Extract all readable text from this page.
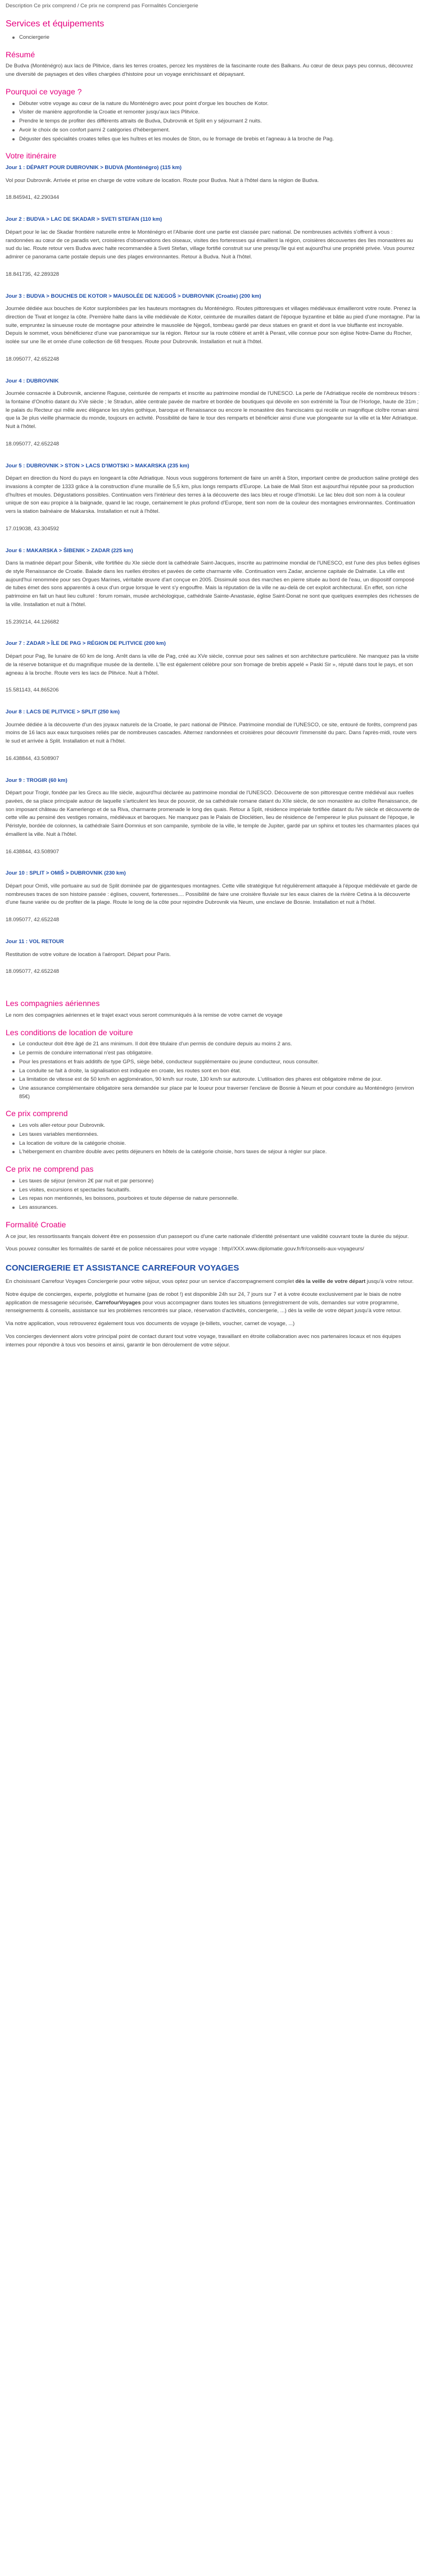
Description Ce prix comprend / Ce prix ne comprend pas Formalités Conciergerie
Services et équipements
Conciergerie
Résumé

De Budva (Monténégro) aux lacs de Plitvice, dans les terres croates, percez les mystères de la fascinante route des Balkans. Au cœur de deux pays peu connus, découvrez une diversité de paysages et des villes chargées d'histoire pour un voyage enrichissant et dépaysant.

Pourquoi ce voyage ?
Débuter votre voyage au cœur de la nature du Monténégro avec pour point d'orgue les bouches de Kotor.
Visiter de manière approfondie la Croatie et remonter jusqu'aux lacs Plitvice.
Prendre le temps de profiter des différents attraits de Budva, Dubrovnik et Split en y séjournant 2 nuits.
Avoir le choix de son confort parmi 2 catégories d'hébergement.
Déguster des spécialités croates telles que les huîtres et les moules de Ston, ou le fromage de brebis et l'agneau à la broche de Pag.
Votre itinéraire
Jour 1 : DÉPART POUR DUBROVNIK > BUDVA (Monténégro) (115 km)

Vol pour Dubrovnik. Arrivée et prise en charge de votre voiture de location. Route pour Budva. Nuit à l'hôtel dans la région de Budva.

18.845941, 42.290344

Jour 2 : BUDVA > LAC DE SKADAR > SVETI STEFAN (110 km)

Départ pour le lac de Skadar frontière naturelle entre le Monténégro et l'Albanie dont une partie est classée parc national. De nombreuses activités s'offrent à vous : randonnées au cœur de ce paradis vert, croisières d'observations des oiseaux, visites des forteresses qui émaillent la région, croisières découvertes des îles monastères au sud du lac. Route retour vers Budva avec halte recommandée à Sveti Stefan, village fortifié construit sur une presqu'île qui est aujourd'hui une propriété privée. Vous pourrez admirer ce panorama carte postale depuis une des plages environnantes. Retour à Budva. Nuit à l'hôtel.

18.841735, 42.289328

Jour 3 : BUDVA > BOUCHES DE KOTOR > MAUSOLÉE DE NJEGOŠ > DUBROVNIK (Croatie) (200 km)

Journée dédiée aux bouches de Kotor surplombées par les hauteurs montagnes du Monténégro. Routes pittoresques et villages médiévaux émailleront votre route. Prenez la direction de Tivat et longez la côte. Première halte dans la ville médiévale de Kotor, ceinturée de murailles datant de l'époque byzantine et bâtie au pied d'une montagne. Par la suite, empruntez la sinueuse route de montagne pour atteindre le mausolée de Njegoš, tombeau gardé par deux statues en granit et dont la vue bluffante est incroyable. Depuis le sommet, vous bénéficierez d'une vue panoramique sur la région. Retour sur la route côtière et arrêt à Perast, ville connue pour son église Notre-Dame du Rocher, isolée sur une île et ornée d'une collection de 68 fresques. Route pour Dubrovnik. Installation et nuit à l'hôtel.

18.095077, 42.652248

Jour 4 : DUBROVNIK

Journée consacrée à Dubrovnik, ancienne Raguse, ceinturée de remparts et inscrite au patrimoine mondial de l'UNESCO. La perle de l'Adriatique recèle de nombreux trésors : la fontaine d'Onofrio datant du XVe siècle ; le Stradun, allée centrale pavée de marbre et bordée de boutiques qui dévoile en son extrémité la Tour de l'Horloge, haute de 31m ; le palais du Recteur qui mêle avec élégance les styles gothique, baroque et Renaissance ou encore le monastère des franciscains qui recèle un magnifique cloître roman ainsi que la 3e plus vieille pharmacie du monde, toujours en activité. Possibilité de faire le tour des remparts et bénéficier ainsi d'une vue plongeante sur la ville et la Mer Adriatique. Nuit à l'hôtel.

18.095077, 42.652248

Jour 5 : DUBROVNIK > STON > LACS D'IMOTSKI > MAKARSKA (235 km)

Départ en direction du Nord du pays en longeant la côte Adriatique. Nous vous suggérons fortement de faire un arrêt à Ston, important centre de production saline protégé des invasions à compter de 1333 grâce à la construction d'une muraille de 5,5 km, plus longs remparts d'Europe. La baie de Mali Ston est aujourd'hui réputée pour sa production d'huîtres et moules. Dégustations possibles. Continuation vers l'intérieur des terres à la découverte des lacs bleu et rouge d'Imotski. Le lac bleu doit son nom à la couleur unique de son eau propice à la baignade, quand le lac rouge, certainement le plus profond d'Europe, tient son nom de la couleur des montagnes environnantes. Continuation vers la station balnéaire de Makarska. Installation et nuit à l'hôtel.

17.019038, 43.304592

Jour 6 : MAKARSKA > ŠIBENIK > ZADAR (225 km)

Dans la matinée départ pour Šibenik, ville fortifiée du XIe siècle dont la cathédrale Saint-Jacques, inscrite au patrimoine mondial de l'UNESCO, est l'une des plus belles églises de style Renaissance de Croatie. Balade dans les ruelles étroites et pavées de cette charmante ville. Continuation vers Zadar, ancienne capitale de Dalmatie. La ville est aujourd'hui renommée pour ses Orgues Marines, véritable œuvre d'art conçue en 2005. Dissimulé sous des marches en pierre située au bord de l'eau, un dispositif composé de tubes émet des sons apparentés à ceux d'un orgue lorsque le vent s'y engouffre. Mais la réputation de la ville ne au-delà de cet exploit architectural. En effet, son riche patrimoine en fait un haut lieu culturel : forum romain, musée archéologique, cathédrale Sainte-Anastasie, église Saint-Donat ne sont que quelques exemples des richesses de la ville. Installation et nuit à l'hôtel.

15.239214, 44.126682

Jour 7 : ZADAR > ÎLE DE PAG > RÉGION DE PLITVICE (200 km)

Départ pour Pag, île lunaire de 60 km de long. Arrêt dans la ville de Pag, créé au XVe siècle, connue pour ses salines et son architecture particulière. Ne manquez pas la visite de la réserve botanique et du magnifique musée de la dentelle. L'île est également célèbre pour son fromage de brebis appelé « Paski Sir », réputé dans tout le pays, et son agneau à la broche. Route vers les lacs de Plitvice. Nuit à l'hôtel.

15.581143, 44.865206

Jour 8 : LACS DE PLITVICE > SPLIT (250 km)

Journée dédiée à la découverte d'un des joyaux naturels de la Croatie, le parc national de Plitvice. Patrimoine mondial de l'UNESCO, ce site, entouré de forêts, comprend pas moins de 16 lacs aux eaux turquoises reliés par de nombreuses cascades. Alternez randonnées et croisières pour découvrir l'immensité du parc. Dans l'après-midi, route vers le sud et arrivée à Split. Installation et nuit à l'hôtel.

16.438844, 43.508907

Jour 9 : TROGIR (60 km)

Départ pour Trogir, fondée par les Grecs au IIIe siècle, aujourd'hui déclarée au patrimoine mondial de l'UNESCO. Découverte de son pittoresque centre médiéval aux ruelles pavées, de sa place principale autour de laquelle s'articulent les lieux de pouvoir, de sa cathédrale romane datant du XIIe siècle, de son monastère au cloître Renaissance, de son imposant château de Kamerlengo et de sa Riva, charmante promenade le long des quais. Retour à Split, résidence impériale fortifiée datant du IVe siècle et découverte de cette ville au pensiné des vestiges romains, médiévaux et baroques. Ne manquez pas le Palais de Dioclétien, lieu de résidence de l'empereur le plus puissant de l'époque, le Péristyle, bordée de colonnes, la cathédrale Saint-Domnius et son campanile, symbole de la ville, le temple de Jupiter, gardé par un sphinx et toutes les charmantes places qui émaillent la ville. Nuit à l'hôtel.

16.438844, 43.508907

Jour 10 : SPLIT > OMIŠ > DUBROVNIK (230 km)

Départ pour Omiš, ville portuaire au sud de Split dominée par de gigantesques montagnes. Cette ville stratégique fut régulièrement attaquée à l'époque médiévale et garde de nombreuses traces de son histoire passée : églises, couvent, forteresses.... Possibilité de faire une croisière fluviale sur les eaux claires de la rivière Cetina à la découverte d'une faune variée ou de profiter de la plage. Route le long de la côte pour rejoindre Dubrovnik via Neum, une enclave de Bosnie. Installation et nuit à l'hôtel.

18.095077, 42.652248

Jour 11 : VOL RETOUR

Restitution de votre voiture de location à l'aéroport. Départ pour Paris.

18.095077, 42.652248

Les compagnies aériennes

Le nom des compagnies aériennes et le trajet exact vous seront communiqués à la remise de votre carnet de voyage

Les conditions de location de voiture
Le conducteur doit être âgé de 21 ans minimum. Il doit être titulaire d'un permis de conduire depuis au moins 2 ans.
Le permis de conduire international n'est pas obligatoire.
Pour les prestations et frais additifs de type GPS, siège bébé, conducteur supplémentaire ou jeune conducteur, nous consulter.
La conduite se fait à droite, la signalisation est indiquée en croate, les routes sont en bon état.
La limitation de vitesse est de 50 km/h en agglomération, 90 km/h sur route, 130 km/h sur autoroute. L'utilisation des phares est obligatoire même de jour.
Une assurance complémentaire obligatoire sera demandée sur place par le loueur pour traverser l'enclave de Bosnie à Neum et pour conduire au Monténégro (environ 85€)
Ce prix comprend
Les vols aller-retour pour Dubrovnik.
Les taxes variables mentionnées.
La location de voiture de la catégorie choisie.
L'hébergement en chambre double avec petits déjeuners en hôtels de la catégorie choisie, hors taxes de séjour à régler sur place.
Ce prix ne comprend pas
Les taxes de séjour (environ 2€ par nuit et par personne)
Les visites, excursions et spectacles facultatifs.
Les repas non mentionnés, les boissons, pourboires et toute dépense de nature personnelle.
Les assurances.
Formalité Croatie

A ce jour, les ressortissants français doivent être en possession d'un passeport ou d'une carte nationale d'identité présentant une validité couvrant toute la durée du séjour.

Vous pouvez consulter les formalités de santé et de police nécessaires pour votre voyage : http//XXX.www.diplomatie.gouv.fr/fr/conseils-aux-voyageurs/

CONCIERGERIE ET ASSISTANCE CARREFOUR VOYAGES

En choisissant Carrefour Voyages Conciergerie pour votre séjour, vous optez pour un service d'accompagnement complet dès la veille de votre départ jusqu'à votre retour.

Notre équipe de concierges, experte, polyglotte et humaine (pas de robot !) est disponible 24h sur 24, 7 jours sur 7 et à votre écoute exclusivement par le biais de notre application de messagerie sécurisée, CarrefourVoyages pour vous accompagner dans toutes les situations (enregistrement de vols, demandes sur votre programme, renseignements & conseils, assistance sur les problèmes rencontrés sur place, réservation d'activités, conciergerie, ...) dès la veille de votre départ jusqu'à votre retour.

Via notre application, vous retrouverez également tous vos documents de voyage (e-billets, voucher, carnet de voyage, ...)

Vos concierges deviennent alors votre principal point de contact durant tout votre voyage, travaillant en étroite collaboration avec nos partenaires locaux et nos équipes internes pour répondre à tous vos besoins et ainsi, garantir le bon déroulement de votre séjour.
